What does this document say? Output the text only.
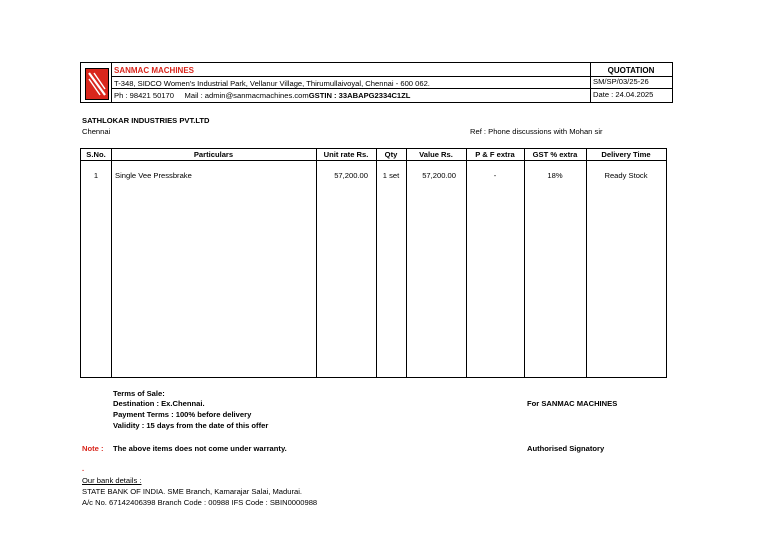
SANMAC MACHINES
T-348, SIDCO Women's Industrial Park, Vellanur Village, Thirumullaivoyal, Chennai - 600 062.
Ph : 98421 50170 Mail : admin@sanmacmachines.comGSTIN : 33ABAPG2334C1ZL
QUOTATION
SM/SP/03/25-26
Date : 24.04.2025
SATHLOKAR INDUSTRIES PVT.LTD
Chennai	Ref : Phone discussions with Mohan sir
S.No.	Particulars	Unit rate Rs.	Qty	Value Rs.	P & F extra	GST % extra	Delivery Time
1	Single Vee Pressbrake	57,200.00	1 set	57,200.00	-	18%	Ready Stock
Terms of Sale:
Destination : Ex.Chennai.
Payment Terms : 100% before delivery
Validity : 15 days from the date of this offer
For SANMAC MACHINES
Note : The above items does not come under warranty.	Authorised Signatory
.
Our bank details :
STATE BANK OF INDIA. SME Branch, Kamarajar Salai, Madurai.
A/c No. 67142406398 Branch Code : 00988 IFS Code : SBIN0000988
